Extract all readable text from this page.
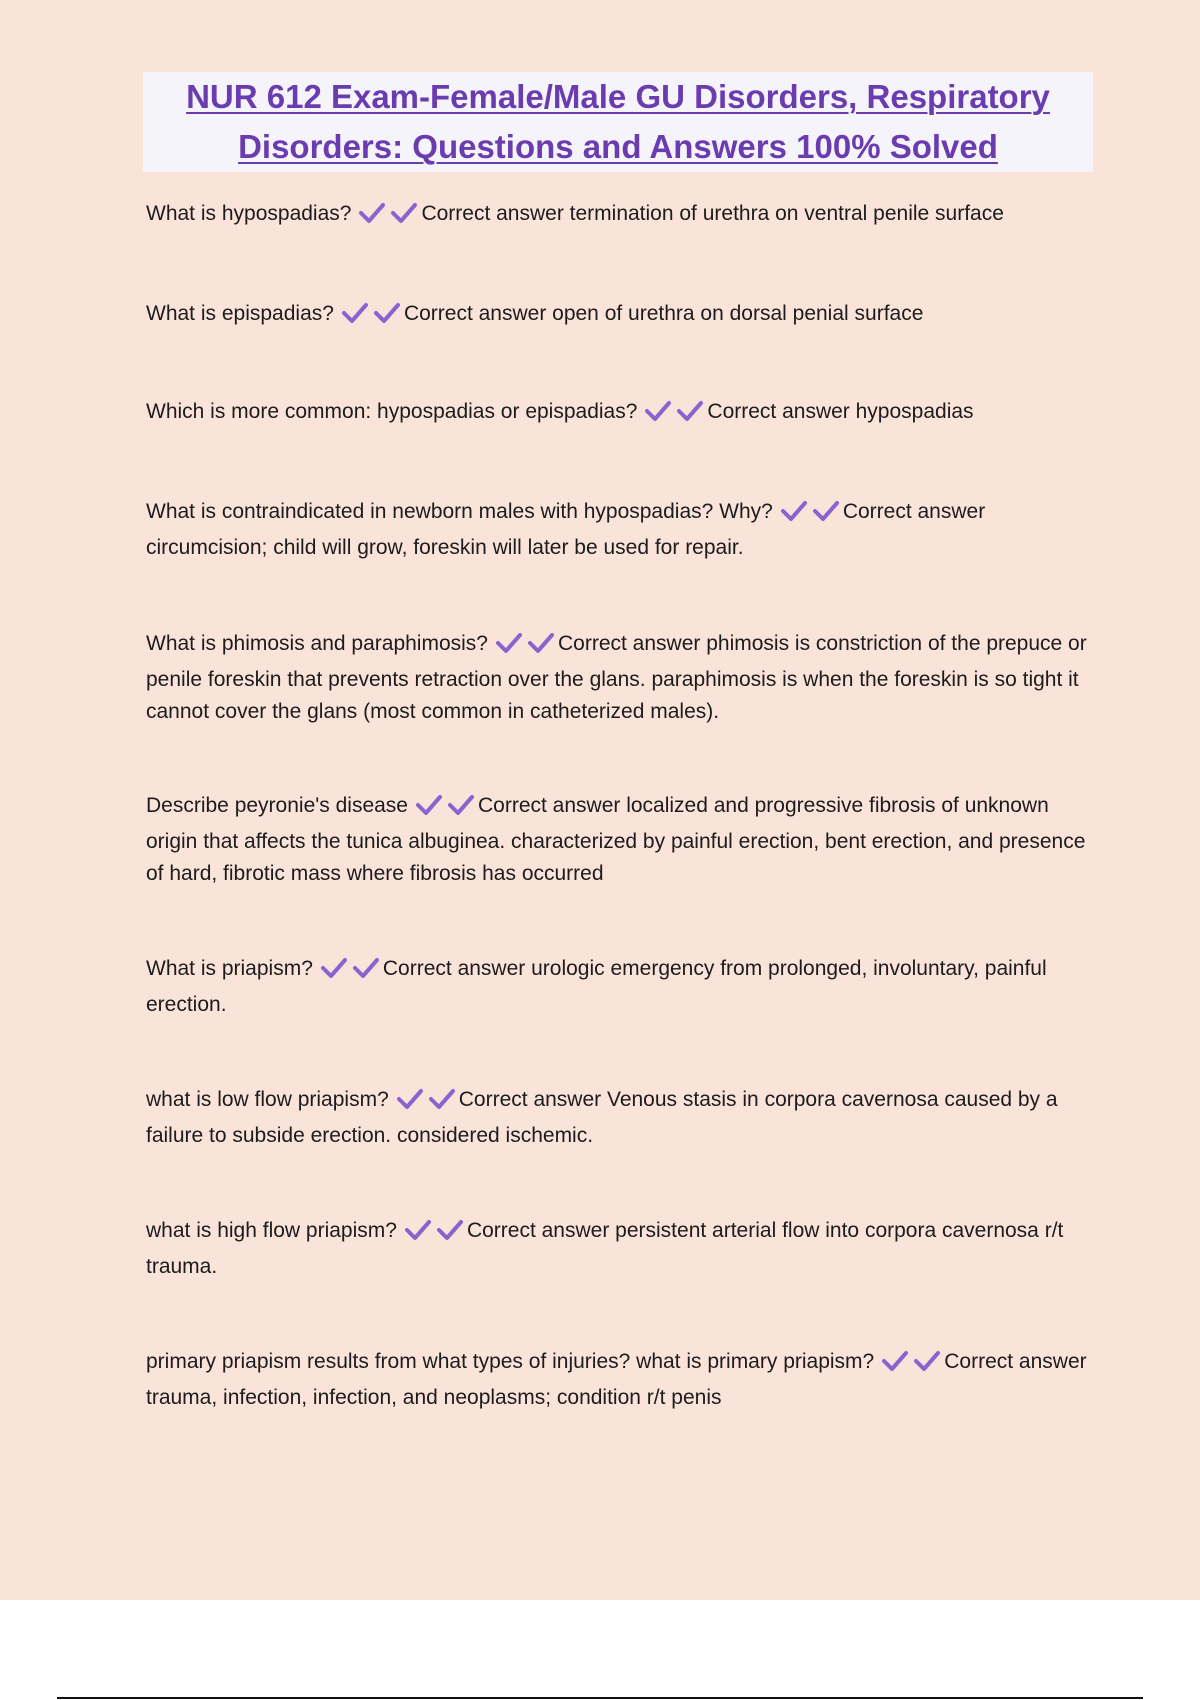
NUR 612 Exam-Female/Male GU Disorders, Respiratory
Disorders: Questions and Answers 100% Solved
What is hypospadias?	Correct answer termination of urethra on ventral penile surface
What is epispadias?	Correct answer open of urethra on dorsal penial surface
Which is more common: hypospadias or epispadias?	Correct answer hypospadias
What is contraindicated in newborn males with hypospadias? Why?	Correct answer circumcision; child will grow, foreskin will later be used for repair.
What is phimosis and paraphimosis?	Correct answer phimosis is constriction of the prepuce or penile foreskin that prevents retraction over the glans. paraphimosis is when the foreskin is so tight it cannot cover the glans (most common in catheterized males).
Describe peyronie's disease	Correct answer localized and progressive fibrosis of unknown origin that affects the tunica albuginea. characterized by painful erection, bent erection, and presence of hard, fibrotic mass where fibrosis has occurred
What is priapism?	Correct answer urologic emergency from prolonged, involuntary, painful erection.
what is low flow priapism?	Correct answer Venous stasis in corpora cavernosa caused by a failure to subside erection. considered ischemic.
what is high flow priapism?	Correct answer persistent arterial flow into corpora cavernosa r/t trauma.
primary priapism results from what types of injuries? what is primary priapism?	Correct answer trauma, infection, infection, and neoplasms; condition r/t penis
